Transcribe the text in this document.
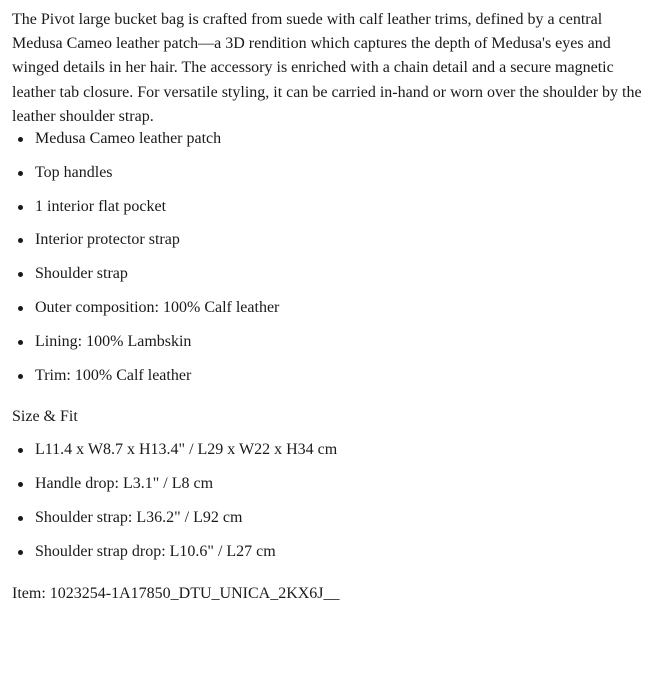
The Pivot large bucket bag is crafted from suede with calf leather trims, defined by a central Medusa Cameo leather patch—a 3D rendition which captures the depth of Medusa's eyes and winged details in her hair. The accessory is enriched with a chain detail and a secure magnetic leather tab closure. For versatile styling, it can be carried in-hand or worn over the shoulder by the leather shoulder strap.

Medusa Cameo leather patch
Top handles
1 interior flat pocket
Interior protector strap
Shoulder strap
Outer composition: 100% Calf leather
Lining: 100% Lambskin
Trim: 100% Calf leather
Size & Fit
L11.4 x W8.7 x H13.4" / L29 x W22 x H34 cm
Handle drop: L3.1" / L8 cm
Shoulder strap: L36.2" / L92 cm
Shoulder strap drop: L10.6" / L27 cm
Item: 1023254-1A17850_DTU_UNICA_2KX6J__
